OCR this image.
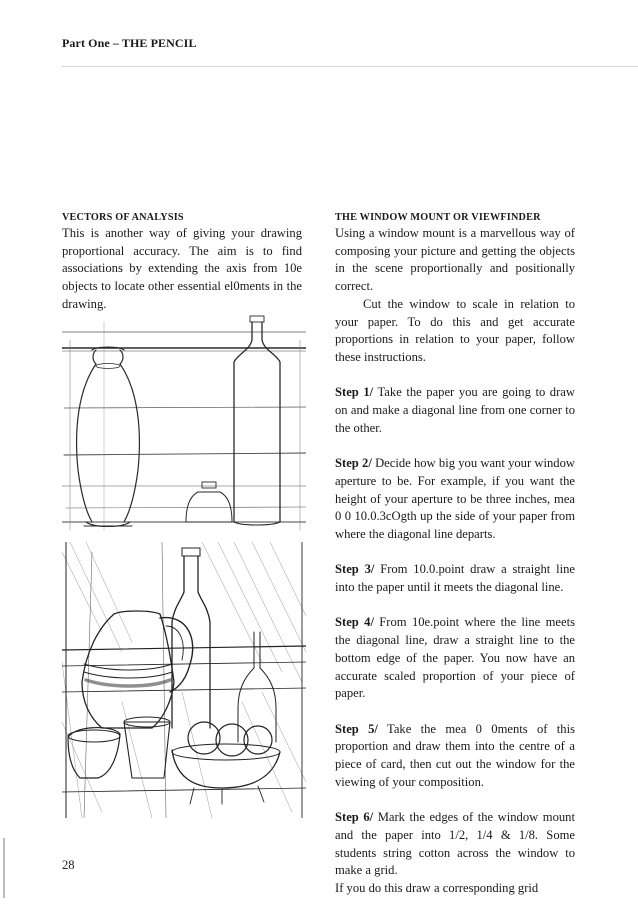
Part One – THE PENCIL
VECTORS OF ANALYSIS

This is another way of giving your drawing proportional accuracy. The aim is to find associations by extending the axis from 10e objects to locate other essential el0ments in the drawing.

THE WINDOW MOUNT OR VIEWFINDER

Using a window mount is a marvellous way of composing your picture and getting the objects in the scene proportionally and positionally correct.

Cut the window to scale in relation to your paper. To do this and get accurate proportions in relation to your paper, follow these instructions.

Step 1/ Take the paper you are going to draw on and make a diagonal line from one corner to the other.

Step 2/ Decide how big you want your window aperture to be. For example, if you want the height of your aperture to be three inches, mea 0 0 10.0.3cOgth up the side of your paper from where the diagonal line departs.

Step 3/ From 10.0.point draw a straight line into the paper until it meets the diagonal line.

Step 4/ From 10e.point where the line meets the diagonal line, draw a straight line to the bottom edge of the paper. You now have an accurate scaled proportion of your piece of paper.

Step 5/ Take the mea 0 0ments of this proportion and draw them into the centre of a piece of card, then cut out the window for the viewing of your composition.

Step 6/ Mark the edges of the window mount and the paper into 1/2, 1/4 & 1/8. Some students string cotton across the window to make a grid.

If you do this draw a corresponding grid

28
